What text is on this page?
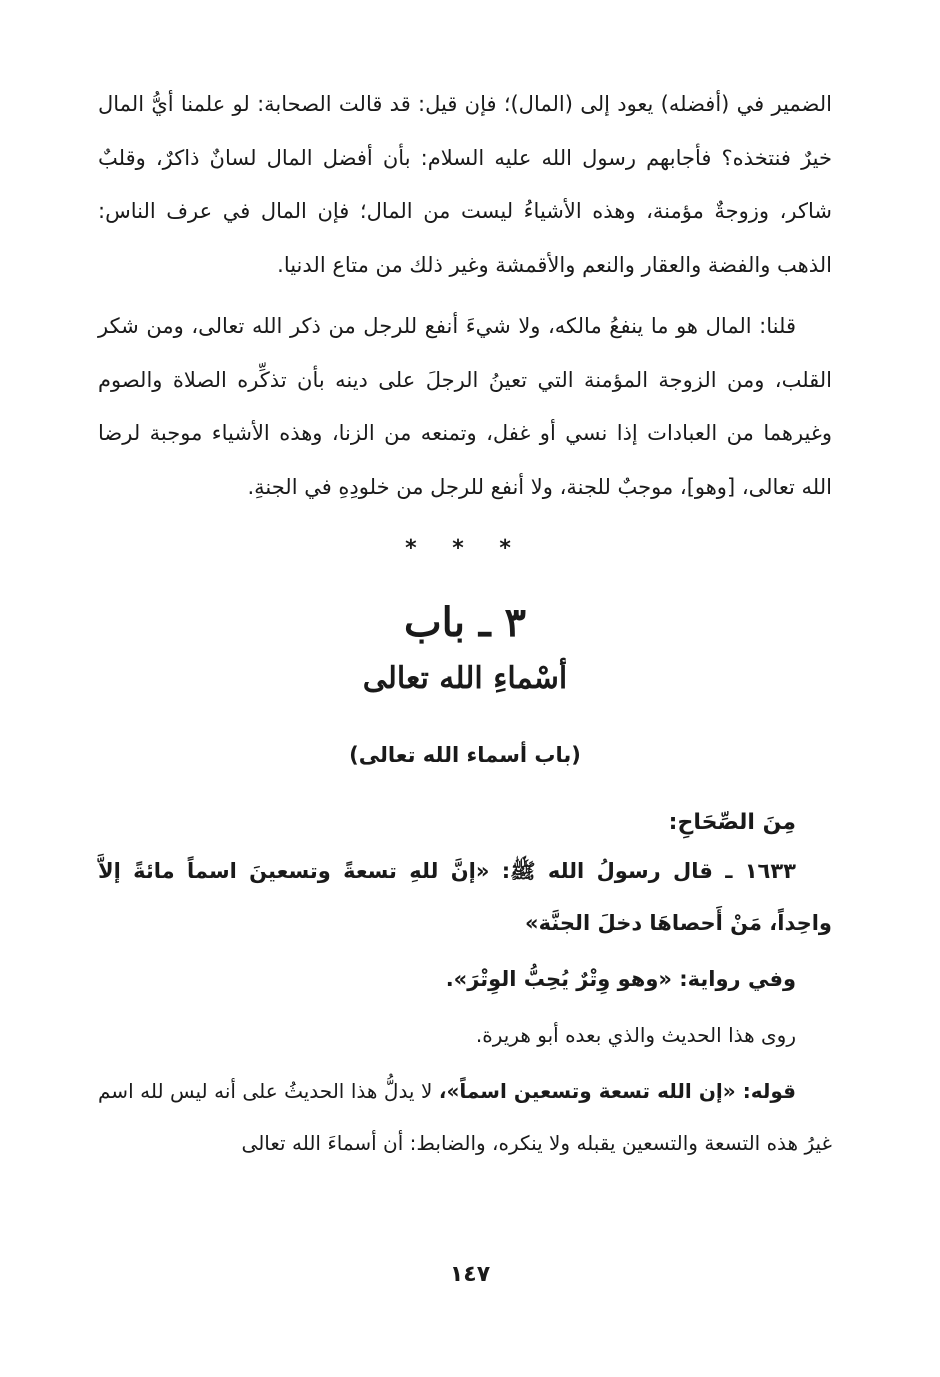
الضمير في (أفضله) يعود إلى (المال)؛ فإن قيل: قد قالت الصحابة: لو علمنا أيُّ المال خيرٌ فنتخذه؟ فأجابهم رسول الله عليه السلام: بأن أفضل المال لسانٌ ذاكرٌ، وقلبٌ شاكر، وزوجةٌ مؤمنة، وهذه الأشياءُ ليست من المال؛ فإن المال في عرف الناس: الذهب والفضة والعقار والنعم والأقمشة وغير ذلك من متاع الدنيا.

قلنا: المال هو ما ينفعُ مالكه، ولا شيءَ أنفع للرجل من ذكر الله تعالى، ومن شكر القلب، ومن الزوجة المؤمنة التي تعينُ الرجلَ على دينه بأن تذكِّره الصلاة والصوم وغيرهما من العبادات إذا نسي أو غفل، وتمنعه من الزنا، وهذه الأشياء موجبة لرضا الله تعالى، [وهو]، موجبٌ للجنة، ولا أنفع للرجل من خلودِهِ في الجنةِ.

* * *
٣ ـ باب
أسْماءِ الله تعالى
(باب أسماء الله تعالى)
مِنَ الصِّحَاحِ:

١٦٣٣ ـ قال رسولُ الله ﷺ: «إنَّ للهِ تسعةً وتسعينَ اسماً مائةً إلاَّ واحِداً، مَنْ أَحصاهَا دخلَ الجنَّة»

وفي رواية: «وهو وِتْرٌ يُحِبُّ الوِتْرَ».
روى هذا الحديث والذي بعده أبو هريرة.

قوله: «إن الله تسعة وتسعين اسماً»، لا يدلُّ هذا الحديثُ على أنه ليس لله اسم غيرُ هذه التسعة والتسعين يقبله ولا ينكره، والضابط: أن أسماءَ الله تعالى

١٤٧
